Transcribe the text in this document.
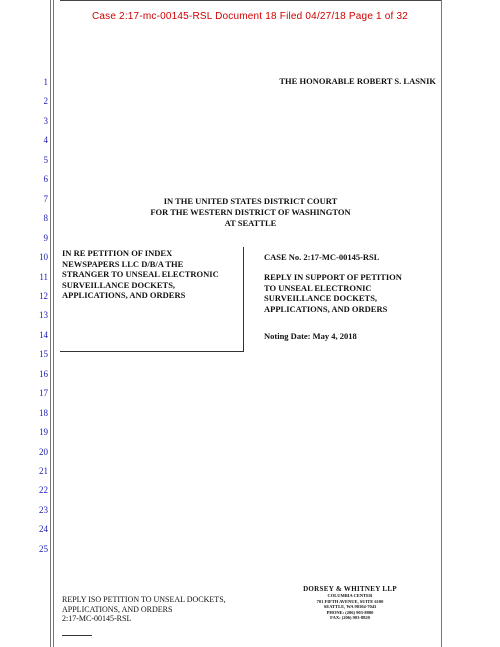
Case 2:17-mc-00145-RSL Document 18 Filed 04/27/18 Page 1 of 32
1
2
3
4
5
6
7
8
9
10
11
12
13
14
15
16
17
18
19
20
21
22
23
24
25
THE HONORABLE ROBERT S. LASNIK
IN THE UNITED STATES DISTRICT COURT
FOR THE WESTERN DISTRICT OF WASHINGTON
AT SEATTLE
IN RE PETITION OF INDEX
NEWSPAPERS LLC D/B/A THE
STRANGER TO UNSEAL ELECTRONIC
SURVEILLANCE DOCKETS,
APPLICATIONS, AND ORDERS
CASE No. 2:17-MC-00145-RSL
REPLY IN SUPPORT OF PETITION
TO UNSEAL ELECTRONIC
SURVEILLANCE DOCKETS,
APPLICATIONS, AND ORDERS
Noting Date: May 4, 2018
REPLY ISO PETITION TO UNSEAL DOCKETS,
APPLICATIONS, AND ORDERS
2:17-MC-00145-RSL
DORSEY & WHITNEY LLP
COLUMBIA CENTER
701 FIFTH AVENUE, SUITE 6100
SEATTLE, WA 98104-7043
PHONE: (206) 903-8800
FAX: (206) 903-8820
